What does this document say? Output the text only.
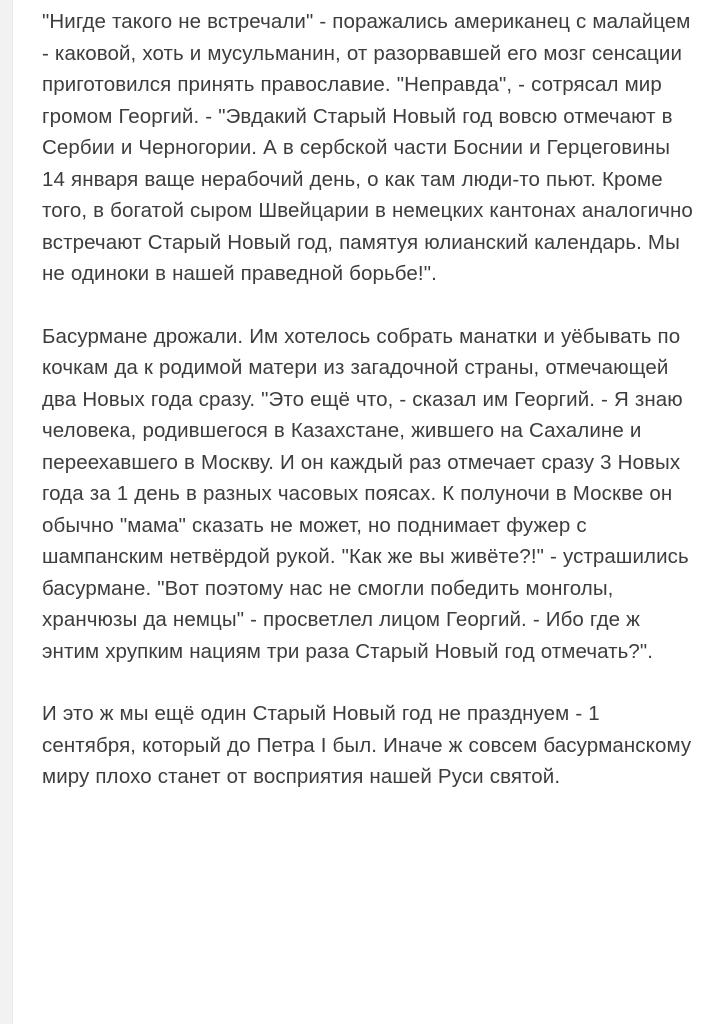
"Нигде такого не встречали" - поражались американец с малайцем - каковой, хоть и мусульманин, от разорвавшей его мозг сенсации приготовился принять православие. "Неправда", - сотрясал мир громом Георгий. - "Эвдакий Старый Новый год вовсю отмечают в Сербии и Черногории. А в сербской части Боснии и Герцеговины 14 января ваще нерабочий день, о как там люди-то пьют. Кроме того, в богатой сыром Швейцарии в немецких кантонах аналогично встречают Старый Новый год, памятуя юлианский календарь. Мы не одиноки в нашей праведной борьбе!".

Басурмане дрожали. Им хотелось собрать манатки и уёбывать по кочкам да к родимой матери из загадочной страны, отмечающей два Новых года сразу. "Это ещё что, - сказал им Георгий. - Я знаю человека, родившегося в Казахстане, жившего на Сахалине и переехавшего в Москву. И он каждый раз отмечает сразу 3 Новых года за 1 день в разных часовых поясах. К полуночи в Москве он обычно "мама" сказать не может, но поднимает фужер с шампанским нетвёрдой рукой. "Как же вы живёте?!" - устрашились басурмане. "Вот поэтому нас не смогли победить монголы, хранчюзы да немцы" - просветлел лицом Георгий. - Ибо где ж энтим хрупким нациям три раза Старый Новый год отмечать?".

И это ж мы ещё один Старый Новый год не празднуем - 1 сентября, который до Петра I был. Иначе ж совсем басурманскому миру плохо станет от восприятия нашей Руси святой.
